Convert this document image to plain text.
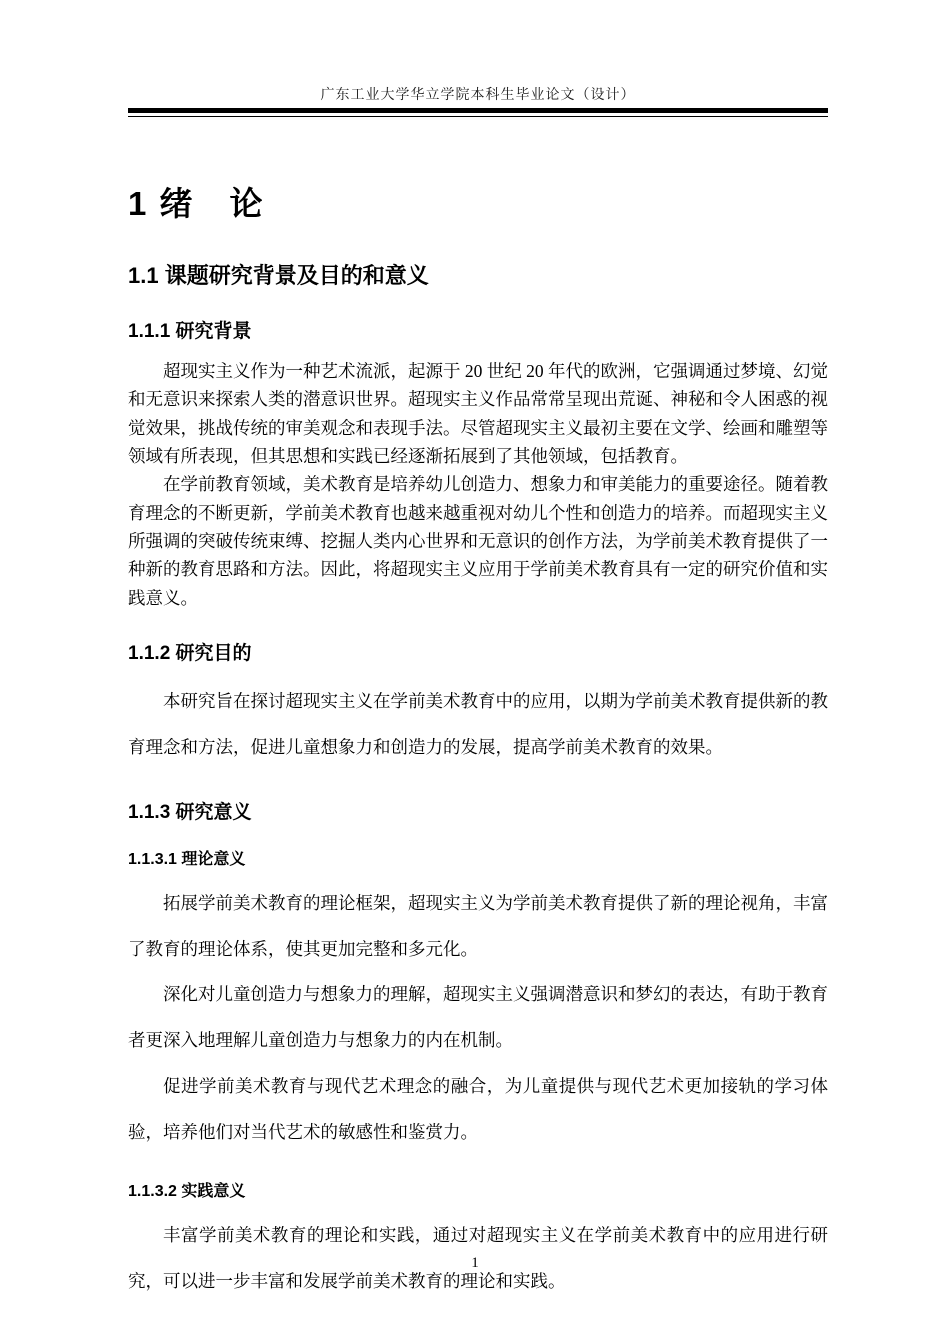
广东工业大学华立学院本科生毕业论文（设计）
1 绪　论
1.1 课题研究背景及目的和意义
1.1.1 研究背景

超现实主义作为一种艺术流派，起源于 20 世纪 20 年代的欧洲，它强调通过梦境、幻觉和无意识来探索人类的潜意识世界。超现实主义作品常常呈现出荒诞、神秘和令人困惑的视觉效果，挑战传统的审美观念和表现手法。尽管超现实主义最初主要在文学、绘画和雕塑等领域有所表现，但其思想和实践已经逐渐拓展到了其他领域，包括教育。

在学前教育领域，美术教育是培养幼儿创造力、想象力和审美能力的重要途径。随着教育理念的不断更新，学前美术教育也越来越重视对幼儿个性和创造力的培养。而超现实主义所强调的突破传统束缚、挖掘人类内心世界和无意识的创作方法，为学前美术教育提供了一种新的教育思路和方法。因此，将超现实主义应用于学前美术教育具有一定的研究价值和实践意义。

1.1.2 研究目的

本研究旨在探讨超现实主义在学前美术教育中的应用，以期为学前美术教育提供新的教育理念和方法，促进儿童想象力和创造力的发展，提高学前美术教育的效果。

1.1.3 研究意义
1.1.3.1 理论意义

拓展学前美术教育的理论框架，超现实主义为学前美术教育提供了新的理论视角，丰富了教育的理论体系，使其更加完整和多元化。

深化对儿童创造力与想象力的理解，超现实主义强调潜意识和梦幻的表达，有助于教育者更深入地理解儿童创造力与想象力的内在机制。

促进学前美术教育与现代艺术理念的融合，为儿童提供与现代艺术更加接轨的学习体验，培养他们对当代艺术的敏感性和鉴赏力。

1.1.3.2 实践意义

丰富学前美术教育的理论和实践，通过对超现实主义在学前美术教育中的应用进行研究，可以进一步丰富和发展学前美术教育的理论和实践。

1
